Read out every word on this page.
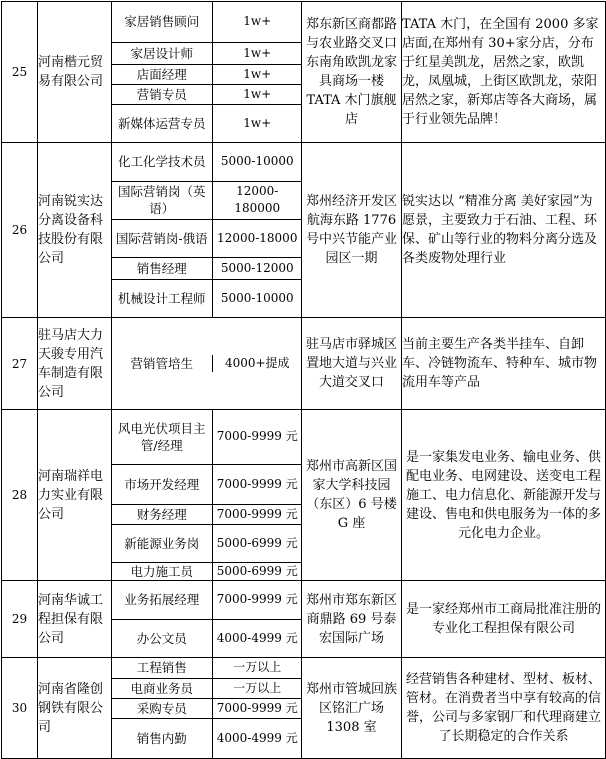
25	河南楷元贸易有限公司	
家居销售顾问	1w+
家居设计师	1w+
店面经理	1w+
营销专员	1w+
新媒体运营专员	1w+
	郑东新区商都路与农业路交叉口东南角欧凯龙家具商场一楼 TATA 木门旗舰店	TATA 木门，在全国有 2000 多家店面,在郑州有 30+家分店，分布于红星美凯龙，居然之家，欧凯龙，凤凰城，上街区欧凯龙，荥阳居然之家，新郑店等各大商场，属于行业领先品牌！
26	河南锐实达分离设备科技股份有限公司	
化工化学技术员	5000-10000
国际营销岗（英语）	12000-180000
国际营销岗-俄语	12000-18000
销售经理	5000-12000
机械设计工程师	5000-10000
	郑州经济开发区航海东路 1776 号中兴节能产业园区一期	锐实达以 “精准分离 美好家园”为愿景，主要致力于石油、工程、环保、矿山等行业的物料分离分选及各类废物处理行业
27	驻马店大力天骏专用汽车制造有限公司	
营销管培生	4000+提成
	驻马店市驿城区置地大道与兴业大道交叉口	当前主要生产各类半挂车、自卸车、冷链物流车、特种车、城市物流用车等产品
28	河南瑞祥电力实业有限公司	
风电光伏项目主管/经理	7000-9999 元
市场开发经理	7000-9999 元
财务经理	7000-9999 元
新能源业务岗	5000-6999 元
电力施工员	5000-6999 元
	郑州市高新区国家大学科技园（东区）6 号楼 G 座	是一家集发电业务、输电业务、供配电业务、电网建设、送变电工程施工、电力信息化、新能源开发与建设、售电和供电服务为一体的多元化电力企业。
29	河南华诚工程担保有限公司	
业务拓展经理	7000-9999 元
办公文员	4000-4999 元
	郑州市郑东新区商鼎路 69 号泰宏国际广场	是一家经郑州市工商局批准注册的专业化工程担保有限公司
30	河南省隆创钢铁有限公司	
工程销售	一万以上
电商业务员	一万以上
采购专员	7000-9999 元
销售内勤	4000-4999 元
	郑州市管城回族区铭汇广场 1308 室	经营销售各种建材、型材、板材、管材。在消费者当中享有较高的信誉，公司与多家钢厂和代理商建立了长期稳定的合作关系
